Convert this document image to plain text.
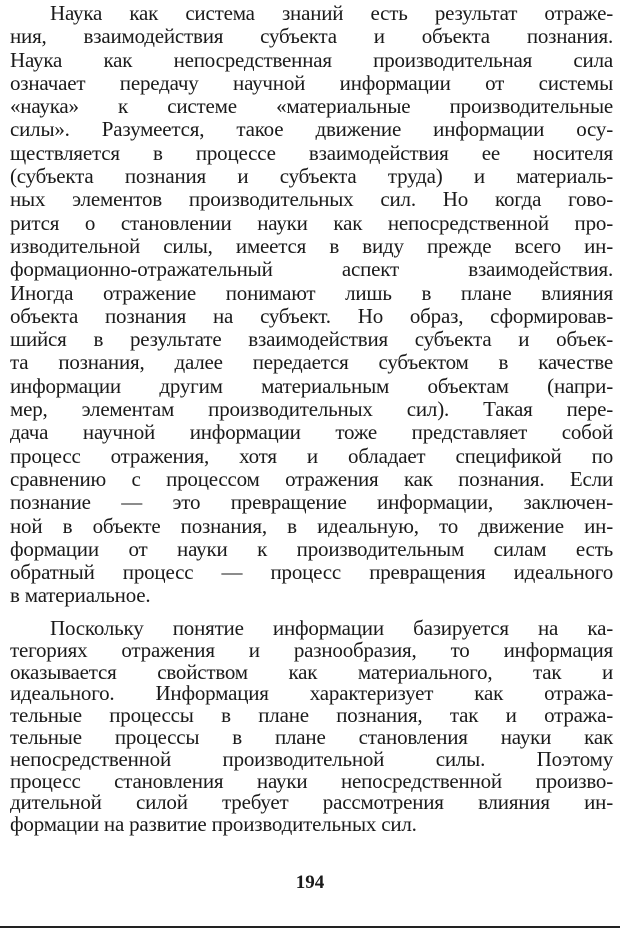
Наука как система знаний есть результат отраже-
ния, взаимодействия субъекта и объекта познания.
Наука как непосредственная производительная сила
означает передачу научной информации от системы
«наука» к системе «материальные производительные
силы». Разумеется, такое движение информации осу-
ществляется в процессе взаимодействия ее носителя
(субъекта познания и субъекта труда) и материаль-
ных элементов производительных сил. Но когда гово-
рится о становлении науки как непосредственной про-
изводительной силы, имеется в виду прежде всего ин-
формационно-отражательный аспект взаимодействия.
Иногда отражение понимают лишь в плане влияния
объекта познания на субъект. Но образ, сформировав-
шийся в результате взаимодействия субъекта и объек-
та познания, далее передается субъектом в качестве
информации другим материальным объектам (напри-
мер, элементам производительных сил). Такая пере-
дача научной информации тоже представляет собой
процесс отражения, хотя и обладает спецификой по
сравнению с процессом отражения как познания. Если
познание — это превращение информации, заключен-
ной в объекте познания, в идеальную, то движение ин-
формации от науки к производительным силам есть
обратный процесс — процесс превращения идеального
в материальное.
Поскольку понятие информации базируется на ка-
тегориях отражения и разнообразия, то информация
оказывается свойством как материального, так и
идеального. Информация характеризует как отража-
тельные процессы в плане познания, так и отража-
тельные процессы в плане становления науки как
непосредственной производительной силы. Поэтому
процесс становления науки непосредственной произво-
дительной силой требует рассмотрения влияния ин-
формации на развитие производительных сил.
194
